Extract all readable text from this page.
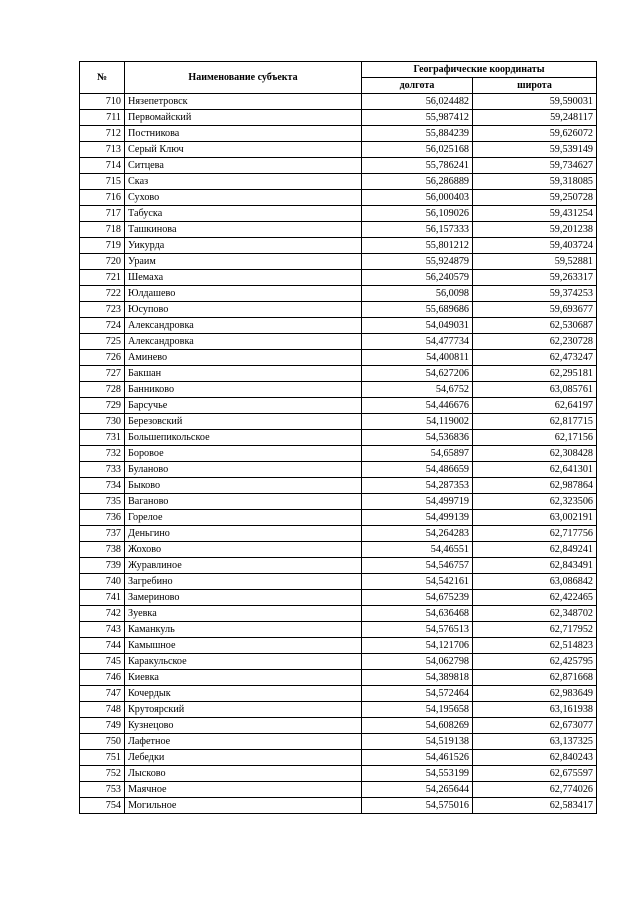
№	Наименование субъекта	Географические координаты	
		долгота	широта
710	Нязепетровск	56,024482	59,590031
711	Первомайский	55,987412	59,248117
712	Постникова	55,884239	59,626072
713	Серый Ключ	56,025168	59,539149
714	Ситцева	55,786241	59,734627
715	Сказ	56,286889	59,318085
716	Сухово	56,000403	59,250728
717	Табуска	56,109026	59,431254
718	Ташкинова	56,157333	59,201238
719	Уикурда	55,801212	59,403724
720	Ураим	55,924879	59,52881
721	Шемаха	56,240579	59,263317
722	Юлдашево	56,0098	59,374253
723	Юсупово	55,689686	59,693677
724	Александровка	54,049031	62,530687
725	Александровка	54,477734	62,230728
726	Аминево	54,400811	62,473247
727	Бакшан	54,627206	62,295181
728	Банниково	54,6752	63,085761
729	Барсучье	54,446676	62,64197
730	Березовский	54,119002	62,817715
731	Большепикольское	54,536836	62,17156
732	Боровое	54,65897	62,308428
733	Буланово	54,486659	62,641301
734	Быково	54,287353	62,987864
735	Ваганово	54,499719	62,323506
736	Горелое	54,499139	63,002191
737	Деньгино	54,264283	62,717756
738	Жохово	54,46551	62,849241
739	Журавлиное	54,546757	62,843491
740	Загребино	54,542161	63,086842
741	Замериново	54,675239	62,422465
742	Зуевка	54,636468	62,348702
743	Каманкуль	54,576513	62,717952
744	Камышное	54,121706	62,514823
745	Каракульское	54,062798	62,425795
746	Киевка	54,389818	62,871668
747	Кочердык	54,572464	62,983649
748	Крутоярский	54,195658	63,161938
749	Кузнецово	54,608269	62,673077
750	Лафетное	54,519138	63,137325
751	Лебедки	54,461526	62,840243
752	Лысково	54,553199	62,675597
753	Маячное	54,265644	62,774026
754	Могильное	54,575016	62,583417
